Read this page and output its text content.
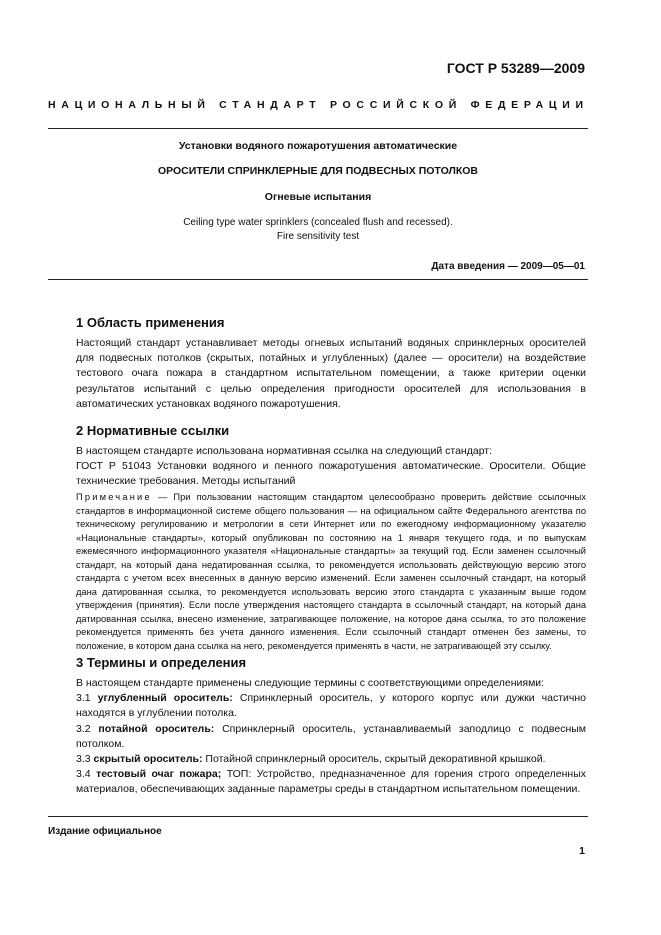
ГОСТ Р 53289—2009
НАЦИОНАЛЬНЫЙ СТАНДАРТ РОССИЙСКОЙ ФЕДЕРАЦИИ
Установки водяного пожаротушения автоматические
ОРОСИТЕЛИ СПРИНКЛЕРНЫЕ ДЛЯ ПОДВЕСНЫХ ПОТОЛКОВ
Огневые испытания
Ceiling type water sprinklers (concealed flush and recessed).
Fire sensitivity test
Дата введения — 2009—05—01
1 Область применения

Настоящий стандарт устанавливает методы огневых испытаний водяных спринклерных оросителей для подвесных потолков (скрытых, потайных и углубленных) (далее — оросители) на воздействие тестового очага пожара в стандартном испытательном помещении, а также критерии оценки результатов испытаний с целью определения пригодности оросителей для использования в автоматических установках водяного пожаротушения.

2 Нормативные ссылки

В настоящем стандарте использована нормативная ссылка на следующий стандарт:

ГОСТ Р 51043 Установки водяного и пенного пожаротушения автоматические. Оросители. Общие технические требования. Методы испытаний

Примечание — При пользовании настоящим стандартом целесообразно проверить действие ссылочных стандартов в информационной системе общего пользования — на официальном сайте Федерального агентства по техническому регулированию и метрологии в сети Интернет или по ежегодному информационному указателю «Национальные стандарты», который опубликован по состоянию на 1 января текущего года, и по выпускам ежемесячного информационного указателя «Национальные стандарты» за текущий год. Если заменен ссылочный стандарт, на который дана недатированная ссылка, то рекомендуется использовать действующую версию этого стандарта с учетом всех внесенных в данную версию изменений. Если заменен ссылочный стандарт, на который дана датированная ссылка, то рекомендуется использовать версию этого стандарта с указанным выше годом утверждения (принятия). Если после утверждения настоящего стандарта в ссылочный стандарт, на который дана датированная ссылка, внесено изменение, затрагивающее положение, на которое дана ссылка, то это положение рекомендуется применять без учета данного изменения. Если ссылочный стандарт отменен без замены, то положение, в котором дана ссылка на него, рекомендуется применять в части, не затрагивающей эту ссылку.

3 Термины и определения

В настоящем стандарте применены следующие термины с соответствующими определениями:

3.1 углубленный ороситель: Спринклерный ороситель, у которого корпус или дужки частично находятся в углублении потолка.

3.2 потайной ороситель: Спринклерный ороситель, устанавливаемый заподлицо с подвесным потолком.

3.3 скрытый ороситель: Потайной спринклерный ороситель, скрытый декоративной крышкой.

3.4 тестовый очаг пожара; ТОП: Устройство, предназначенное для горения строго определенных материалов, обеспечивающих заданные параметры среды в стандартном испытательном помещении.

Издание официальное
1
